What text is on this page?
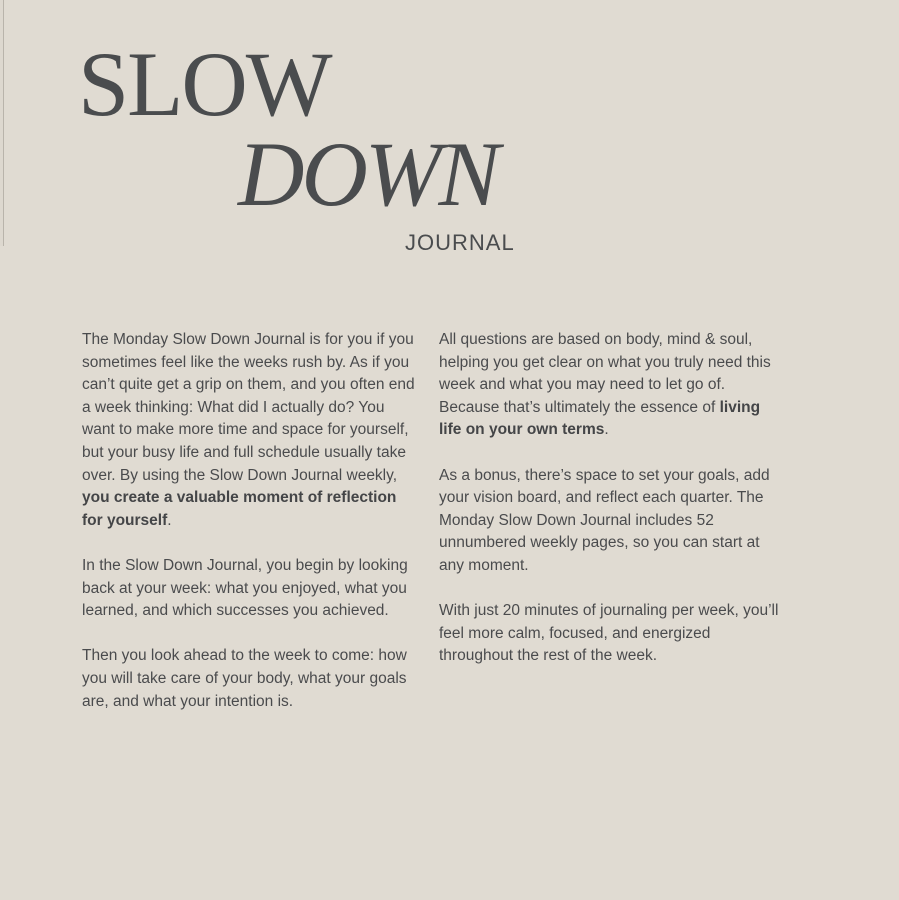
SLOW
DOWN
JOURNAL

The Monday Slow Down Journal is for you if you sometimes feel like the weeks rush by. As if you can’t quite get a grip on them, and you often end a week thinking: What did I actually do? You want to make more time and space for yourself, but your busy life and full schedule usually take over. By using the Slow Down Journal weekly, you create a valuable moment of reflection for yourself.

In the Slow Down Journal, you begin by looking back at your week: what you enjoyed, what you learned, and which successes you achieved.

Then you look ahead to the week to come: how you will take care of your body, what your goals are, and what your intention is.

All questions are based on body, mind & soul, helping you get clear on what you truly need this week and what you may need to let go of. Because that’s ultimately the essence of living life on your own terms.

As a bonus, there’s space to set your goals, add your vision board, and reflect each quarter. The Monday Slow Down Journal includes 52 unnumbered weekly pages, so you can start at any moment.

With just 20 minutes of journaling per week, you’ll feel more calm, focused, and energized throughout the rest of the week.
